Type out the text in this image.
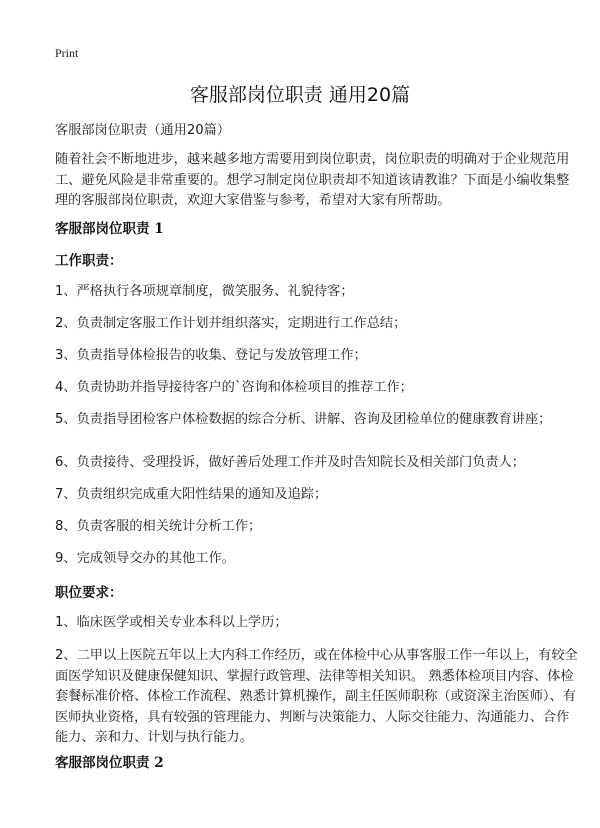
Print
客服部岗位职责 通用20篇
客服部岗位职责（通用20篇）
随着社会不断地进步，越来越多地方需要用到岗位职责，岗位职责的明确对于企业规范用工、避免风险是非常重要的。想学习制定岗位职责却不知道该请教谁？下面是小编收集整理的客服部岗位职责，欢迎大家借鉴与参考，希望对大家有所帮助。
客服部岗位职责 1
工作职责：
1、严格执行各项规章制度，微笑服务、礼貌待客；
2、负责制定客服工作计划并组织落实，定期进行工作总结；
3、负责指导体检报告的收集、登记与发放管理工作；
4、负责协助并指导接待客户的`咨询和体检项目的推荐工作；
5、负责指导团检客户体检数据的综合分析、讲解、咨询及团检单位的健康教育讲座；
6、负责接待、受理投诉，做好善后处理工作并及时告知院长及相关部门负责人；
7、负责组织完成重大阳性结果的通知及追踪；
8、负责客服的相关统计分析工作；
9、完成领导交办的其他工作。
职位要求：
1、临床医学或相关专业本科以上学历；
2、二甲以上医院五年以上大内科工作经历，或在体检中心从事客服工作一年以上，有较全面医学知识及健康保健知识、掌握行政管理、法律等相关知识。 熟悉体检项目内容、体检套餐标准价格、体检工作流程、熟悉计算机操作，副主任医师职称（或资深主治医师）、有医师执业资格，具有较强的管理能力、判断与决策能力、人际交往能力、沟通能力、合作能力、亲和力、计划与执行能力。
客服部岗位职责 2
